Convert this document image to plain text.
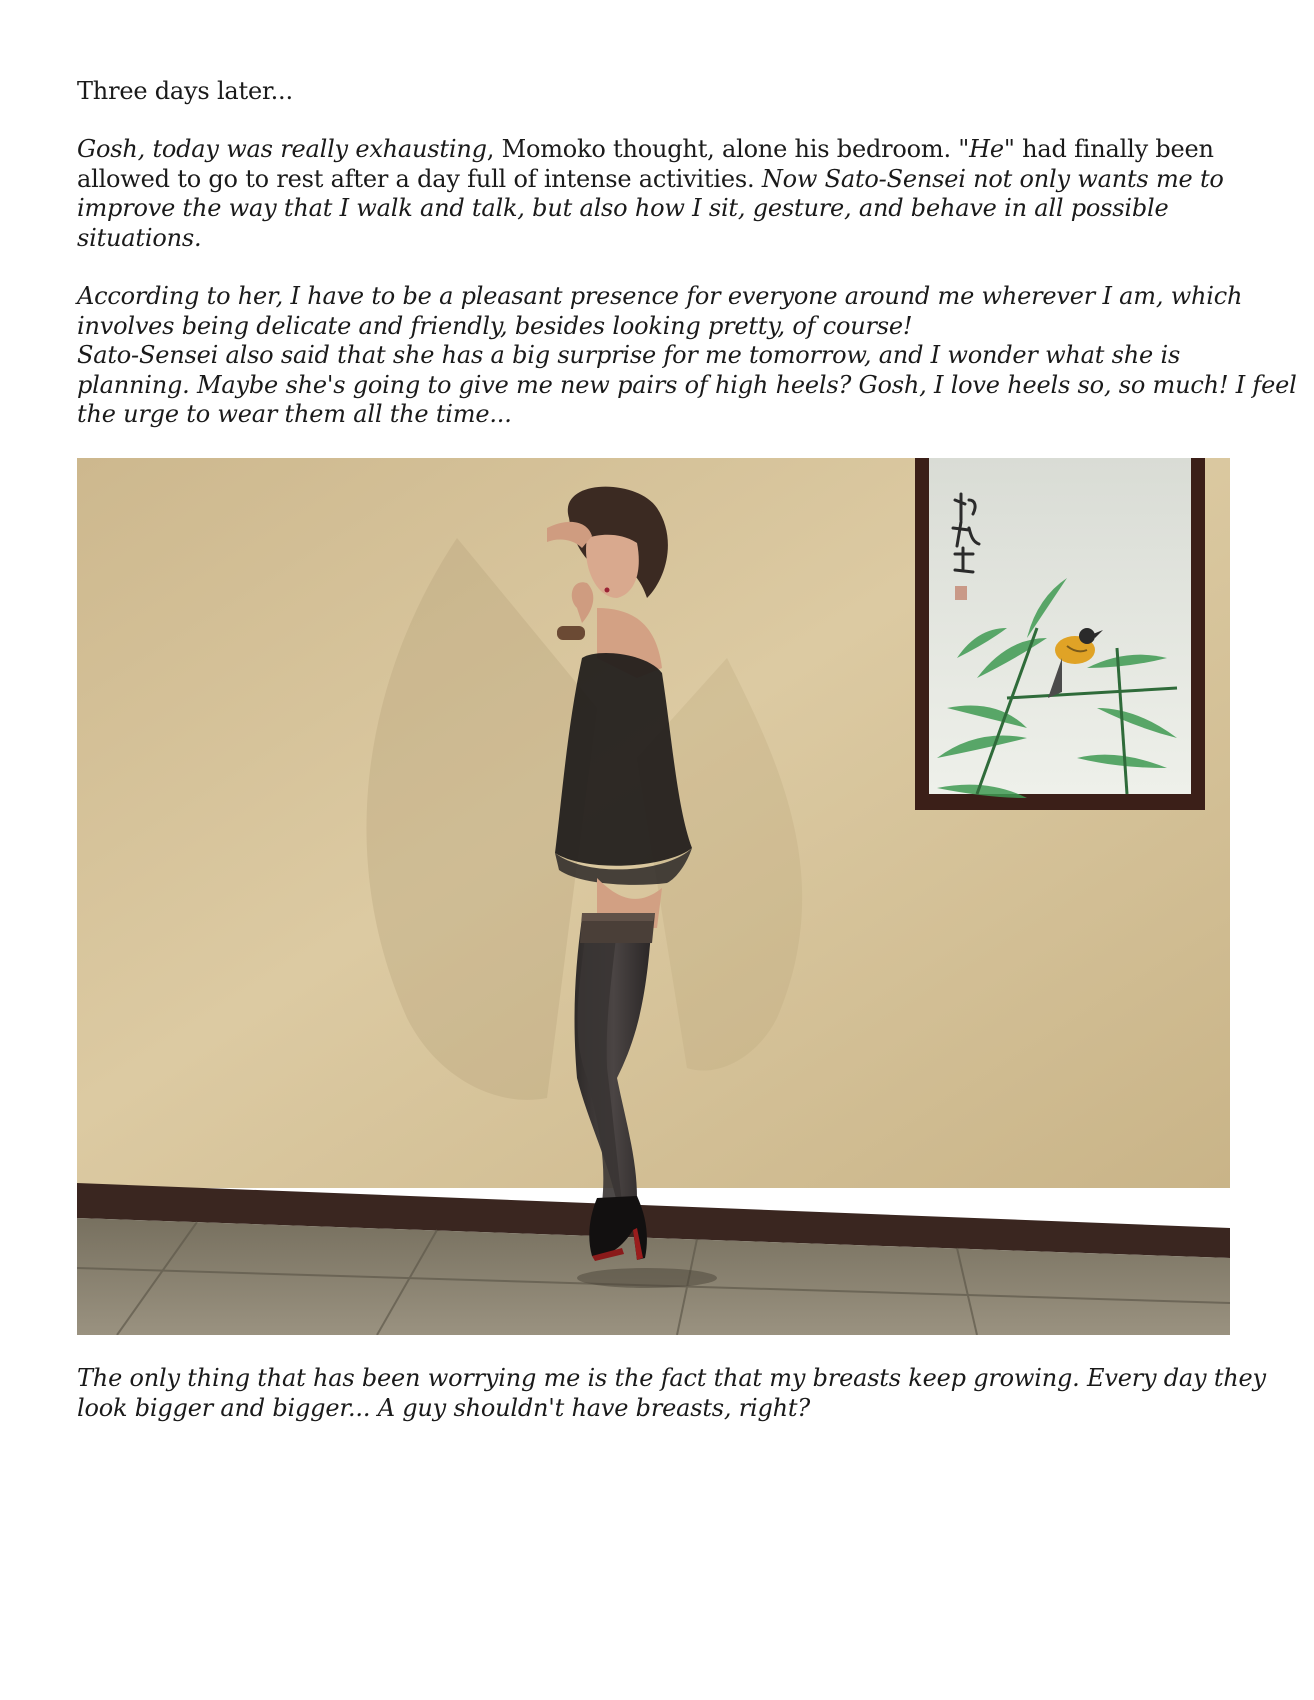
Three days later...

Gosh, today was really exhausting, Momoko thought, alone his bedroom. "He" had finally been
allowed to go to rest after a day full of intense activities. Now Sato-Sensei not only wants me to
improve the way that I walk and talk, but also how I sit, gesture, and behave in all possible
situations.

According to her, I have to be a pleasant presence for everyone around me wherever I am, which
involves being delicate and friendly, besides looking pretty, of course!
Sato-Sensei also said that she has a big surprise for me tomorrow, and I wonder what she is
planning. Maybe she's going to give me new pairs of high heels? Gosh, I love heels so, so much! I feel
the urge to wear them all the time...

The only thing that has been worrying me is the fact that my breasts keep growing. Every day they
look bigger and bigger... A guy shouldn't have breasts, right?
